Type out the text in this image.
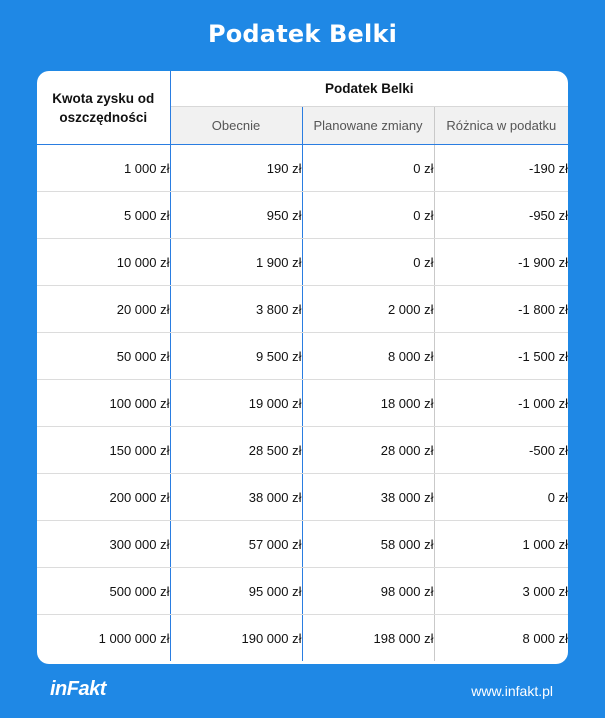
Podatek Belki
Kwota zysku od oszczędności	Podatek Belki		
	Obecnie	Planowane zmiany	Różnica w podatku
1 000 zł	190 zł	0 zł	-190 zł
5 000 zł	950 zł	0 zł	-950 zł
10 000 zł	1 900 zł	0 zł	-1 900 zł
20 000 zł	3 800 zł	2 000 zł	-1 800 zł
50 000 zł	9 500 zł	8 000 zł	-1 500 zł
100 000 zł	19 000 zł	18 000 zł	-1 000 zł
150 000 zł	28 500 zł	28 000 zł	-500 zł
200 000 zł	38 000 zł	38 000 zł	0 zł
300 000 zł	57 000 zł	58 000 zł	1 000 zł
500 000 zł	95 000 zł	98 000 zł	3 000 zł
1 000 000 zł	190 000 zł	198 000 zł	8 000 zł
inFakt	www.infakt.pl
